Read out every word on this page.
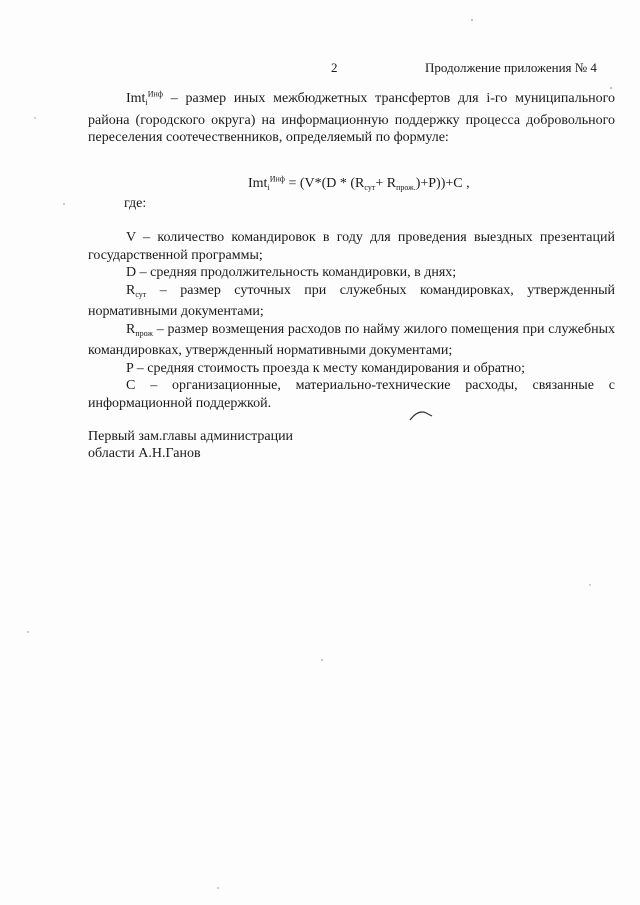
2	Продолжение приложения № 4

Imt$_i^{Инф}$ – размер иных межбюджетных трансфертов для i-го муниципального района (городского округа) на информационную поддержку процесса добровольного переселения соотечественников, определяемый по формуле:

$Imt_i^{Инф} = (V*(D * (R_{сут}+ R_{прож.})+P))+C$ ,
где:

V – количество командировок в году для проведения выездных презентаций государственной программы;

D – средняя продолжительность командировки, в днях;

$R_{сут}$ – размер суточных при служебных командировках, утвержденный нормативными документами;

$R_{прож}$ – размер возмещения расходов по найму жилого помещения при служебных командировках, утвержденный нормативными документами;

P – средняя стоимость проезда к месту командирования и обратно;

C – организационные, материально-технические расходы, связанные с информационной поддержкой.

Первый зам.главы администрации
области А.Н.Ганов
